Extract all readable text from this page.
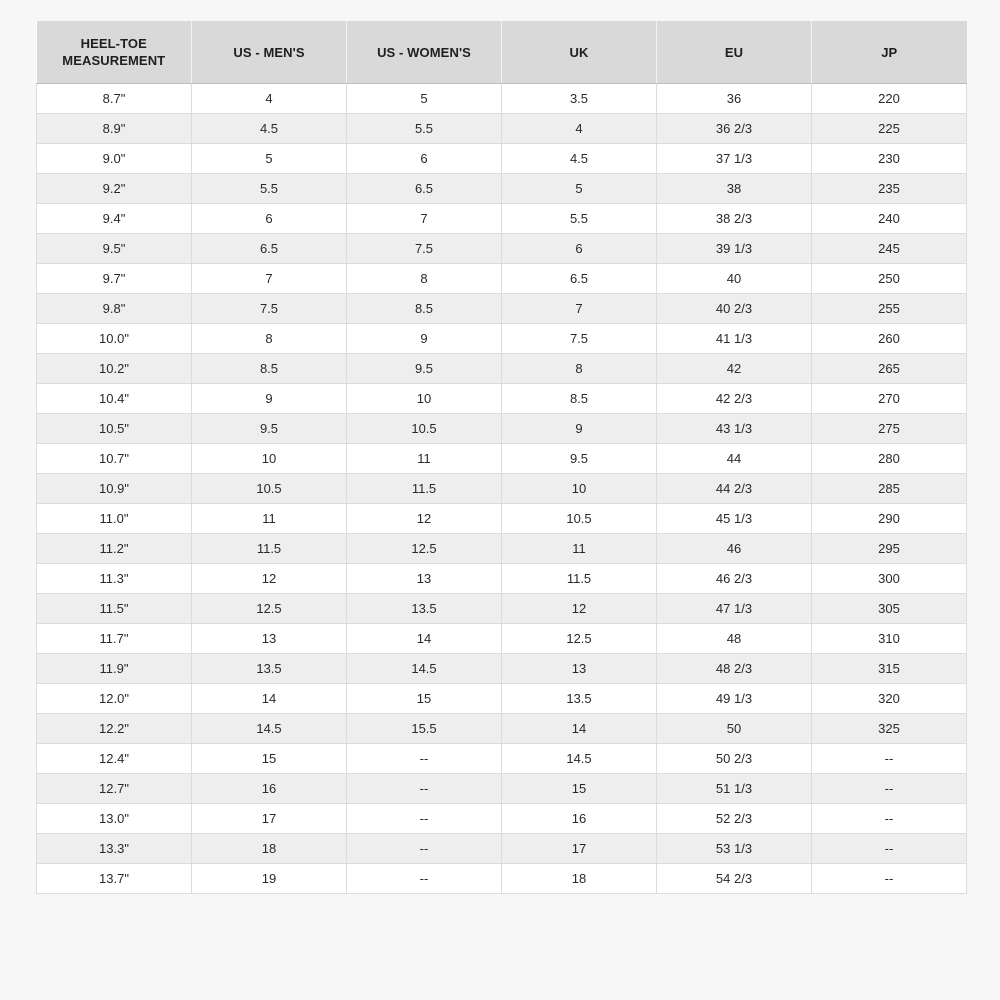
HEEL-TOE
MEASUREMENT	US - MEN'S	US - WOMEN'S	UK	EU	JP

8.7"	4	5	3.5	36	220
8.9"	4.5	5.5	4	36 2/3	225
9.0"	5	6	4.5	37 1/3	230
9.2"	5.5	6.5	5	38	235
9.4"	6	7	5.5	38 2/3	240
9.5"	6.5	7.5	6	39 1/3	245
9.7"	7	8	6.5	40	250
9.8"	7.5	8.5	7	40 2/3	255
10.0"	8	9	7.5	41 1/3	260
10.2"	8.5	9.5	8	42	265
10.4"	9	10	8.5	42 2/3	270
10.5"	9.5	10.5	9	43 1/3	275
10.7"	10	11	9.5	44	280
10.9"	10.5	11.5	10	44 2/3	285
11.0"	11	12	10.5	45 1/3	290
11.2"	11.5	12.5	11	46	295
11.3"	12	13	11.5	46 2/3	300
11.5"	12.5	13.5	12	47 1/3	305
11.7"	13	14	12.5	48	310
11.9"	13.5	14.5	13	48 2/3	315
12.0"	14	15	13.5	49 1/3	320
12.2"	14.5	15.5	14	50	325
12.4"	15	--	14.5	50 2/3	--
12.7"	16	--	15	51 1/3	--
13.0"	17	--	16	52 2/3	--
13.3"	18	--	17	53 1/3	--
13.7"	19	--	18	54 2/3	--
